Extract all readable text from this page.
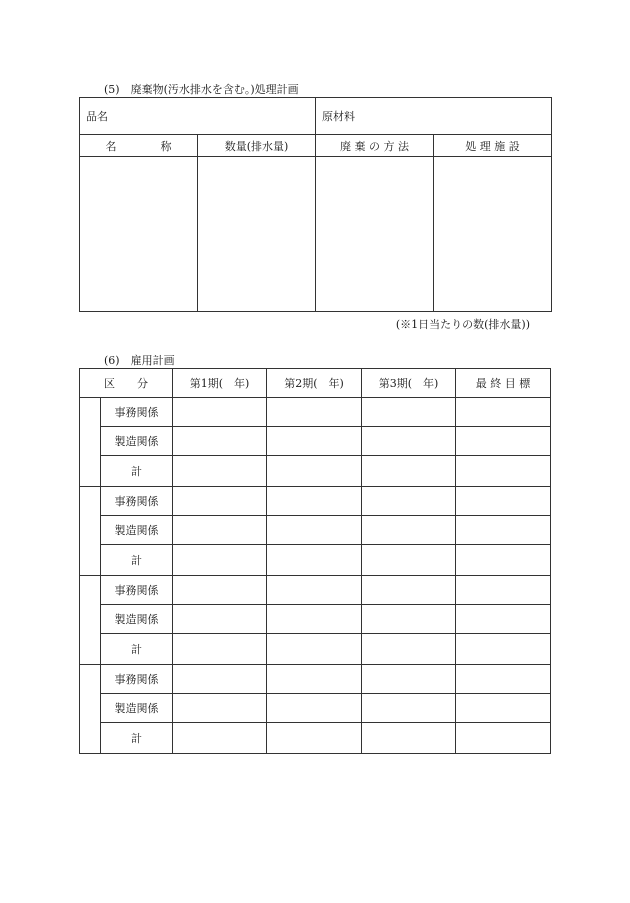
(5)　廃棄物(汚水排水を含む。)処理計画
品名		原材料	
名　　　　称	数量(排水量)	廃 棄 の 方 法	処 理 施 設

(※1日当たりの数(排水量))
(6)　雇用計画
区　　分		第1期(　年)	第2期(　年)	第3期(　年)	最 終 目 標
	事務関係				
	製造関係				
	計				
	事務関係				
	製造関係				
	計				
	事務関係				
	製造関係				
	計				
	事務関係				
	製造関係				
	計				
